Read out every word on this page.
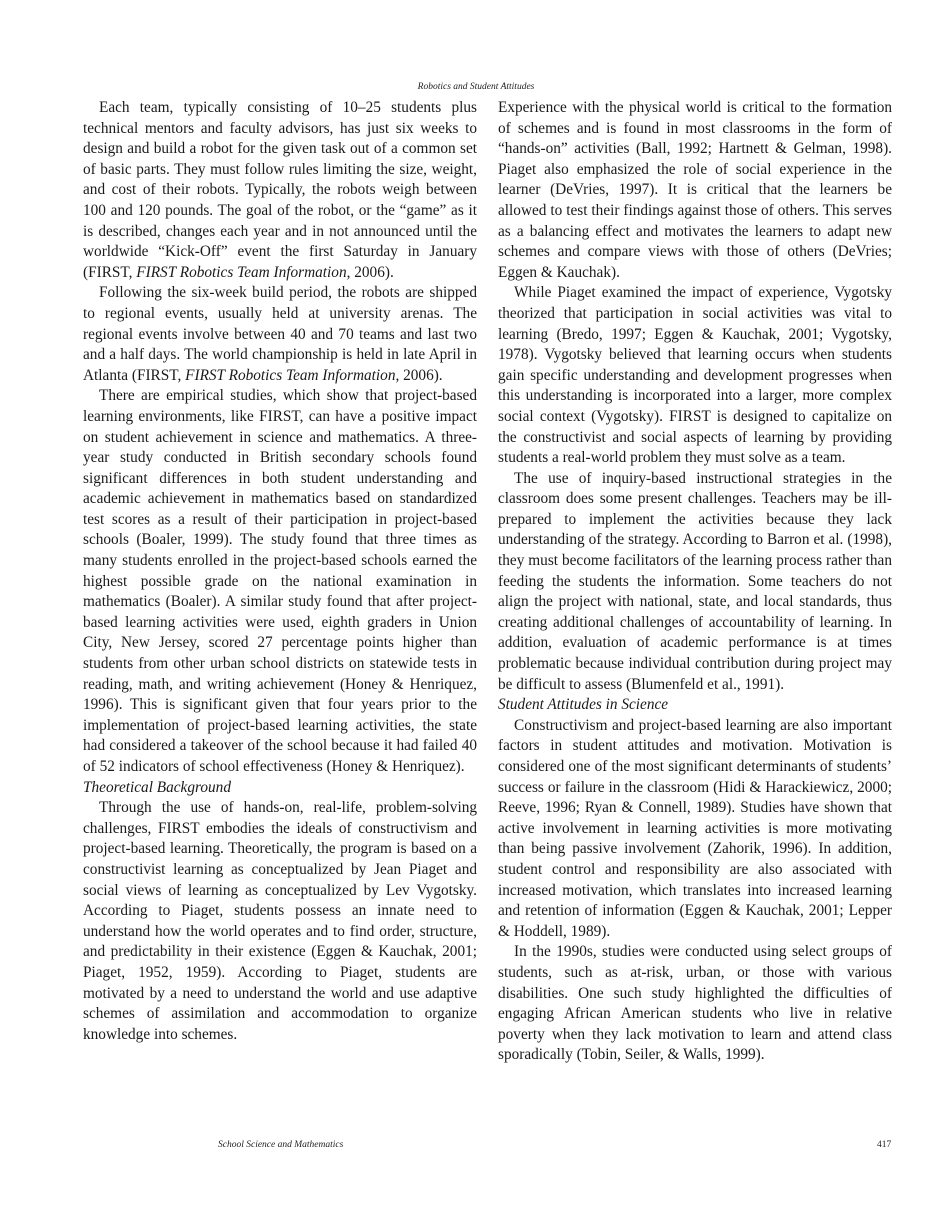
Robotics and Student Attitudes

Each team, typically consisting of 10–25 students plus technical mentors and faculty advisors, has just six weeks to design and build a robot for the given task out of a common set of basic parts. They must follow rules limiting the size, weight, and cost of their robots. Typically, the robots weigh between 100 and 120 pounds. The goal of the robot, or the “game” as it is described, changes each year and in not announced until the worldwide “Kick-Off” event the first Saturday in January (FIRST, FIRST Robotics Team Information, 2006).

Following the six-week build period, the robots are shipped to regional events, usually held at university arenas. The regional events involve between 40 and 70 teams and last two and a half days. The world championship is held in late April in Atlanta (FIRST, FIRST Robotics Team Information, 2006).

There are empirical studies, which show that project-based learning environments, like FIRST, can have a positive impact on student achievement in science and mathematics. A three-year study conducted in British secondary schools found significant differences in both student understanding and academic achievement in mathematics based on standardized test scores as a result of their participation in project-based schools (Boaler, 1999). The study found that three times as many students enrolled in the project-based schools earned the highest possible grade on the national examination in mathematics (Boaler). A similar study found that after project-based learning activities were used, eighth graders in Union City, New Jersey, scored 27 percentage points higher than students from other urban school districts on statewide tests in reading, math, and writing achievement (Honey & Henriquez, 1996). This is significant given that four years prior to the implementation of project-based learning activities, the state had considered a takeover of the school because it had failed 40 of 52 indicators of school effectiveness (Honey & Henriquez).

Theoretical Background

Through the use of hands-on, real-life, problem-solving challenges, FIRST embodies the ideals of constructivism and project-based learning. Theoretically, the program is based on a constructivist learning as conceptualized by Jean Piaget and social views of learning as conceptualized by Lev Vygotsky. According to Piaget, students possess an innate need to understand how the world operates and to find order, structure, and predictability in their existence (Eggen & Kauchak, 2001; Piaget, 1952, 1959). According to Piaget, students are motivated by a need to understand the world and use adaptive schemes of assimilation and accommodation to organize knowledge into schemes.

Experience with the physical world is critical to the formation of schemes and is found in most classrooms in the form of “hands-on” activities (Ball, 1992; Hartnett & Gelman, 1998). Piaget also emphasized the role of social experience in the learner (DeVries, 1997). It is critical that the learners be allowed to test their findings against those of others. This serves as a balancing effect and motivates the learners to adapt new schemes and compare views with those of others (DeVries; Eggen & Kauchak).

While Piaget examined the impact of experience, Vygotsky theorized that participation in social activities was vital to learning (Bredo, 1997; Eggen & Kauchak, 2001; Vygotsky, 1978). Vygotsky believed that learning occurs when students gain specific understanding and development progresses when this understanding is incorporated into a larger, more complex social context (Vygotsky). FIRST is designed to capitalize on the constructivist and social aspects of learning by providing students a real-world problem they must solve as a team.

The use of inquiry-based instructional strategies in the classroom does some present challenges. Teachers may be ill-prepared to implement the activities because they lack understanding of the strategy. According to Barron et al. (1998), they must become facilitators of the learning process rather than feeding the students the information. Some teachers do not align the project with national, state, and local standards, thus creating additional challenges of accountability of learning. In addition, evaluation of academic performance is at times problematic because individual contribution during project may be difficult to assess (Blumenfeld et al., 1991).

Student Attitudes in Science

Constructivism and project-based learning are also important factors in student attitudes and motivation. Motivation is considered one of the most significant determinants of students’ success or failure in the classroom (Hidi & Harackiewicz, 2000; Reeve, 1996; Ryan & Connell, 1989). Studies have shown that active involvement in learning activities is more motivating than being passive involvement (Zahorik, 1996). In addition, student control and responsibility are also associated with increased motivation, which translates into increased learning and retention of information (Eggen & Kauchak, 2001; Lepper & Hoddell, 1989).

In the 1990s, studies were conducted using select groups of students, such as at-risk, urban, or those with various disabilities. One such study highlighted the difficulties of engaging African American students who live in relative poverty when they lack motivation to learn and attend class sporadically (Tobin, Seiler, & Walls, 1999).

School Science and Mathematics	417
